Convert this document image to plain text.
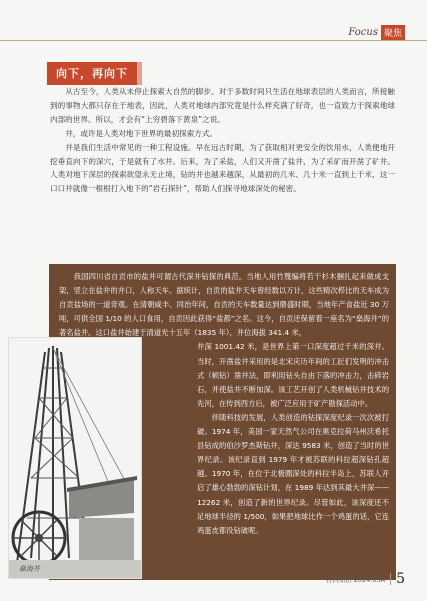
Focus 聚焦
向下，再向下

从古至今，人类从未停止探索大自然的脚步。对于多数时间只生活在地球表层的人类而言，所接触到的事物大都只存在于地表，因此，人类对地球内部究竟是什么样充满了好奇，也一直致力于探索地球内部的世界。所以，才会有“上穷碧落下黄泉”之说。

井，或许是人类对地下世界的最初探索方式。

井是我们生活中常见的一种工程设施。早在远古时期，为了获取相对更安全的饮用水，人类便地开挖垂直向下的深穴，于是就有了水井。后来，为了采盐，人们又开凿了盐井，为了采矿而开凿了矿井。人类对地下深层的探索欲望永无止境，钻的井也越来越深，从最初的几米、几十米一直到上千米，这一口口井就像一根根打入地下的“岩石探针”，帮助人们探寻地球深处的秘密。

我国四川省自贡市的盐井可谓古代深井钻探的典范。当地人用竹篾编将若干杉木捆扎起来做成支架，竖立在盐井的井口，人称天车。据统计，自贡的盐井天车曾经数以万计，这些精次栉比的天车成为自贡盐场的一道奇观。在清朝咸丰、同治年间，自贡的天车数量达到鼎盛时期，当地年产食盐近 30 万吨，可供全国 1/10 的人口食用，自贡因此获得“盐都”之名。这今，自贡还保留着一座名为“燊海井”的著名盐井。这口盐井始建于清道光十五年（1835 年），井位海拔 341.4 米，

井深 1001.42 米，是世界上第一口深度超过千米的深井。当时，开凿盐井采用的是北宋庆历年间的工匠们发明的冲击式（顿钻）凿井法，即利用钻头自由下落的冲击力，击碎岩石，并使盐井不断加深。该工艺开创了人类机械钻井技术的先河，在传到西方后，被广泛应用于矿产勘探活动中。

伴随科技的发展，人类创造的钻探深度纪录一次次被打破。1974 年，美国一家天然气公司在奥克拉荷马州沃希托县钻成的伯沙罗杰斯钻井，深达 9583 米，创造了当时的世界纪录。该纪录直到 1979 年才被苏联的科拉超深钻孔超越。1970 年，在位于北极圈深处的科拉半岛上，苏联人开启了雄心勃勃的深钻计划，在 1989 年达到其最大井深——12262 米，创造了新的世界纪录。尽管如此，该深度还不足地球半径的 1/500，如果把地球比作一个鸡蛋的话，它连鸡蛋皮都没钻破呢。

燊海井
百科知识 2024.05A 5
